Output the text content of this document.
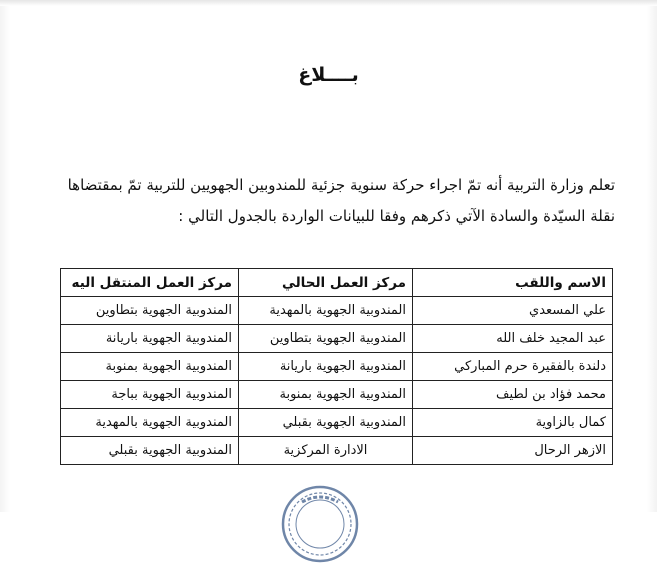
بــــلاغ
تعلم وزارة التربية أنه تمّ اجراء حركة سنوية جزئية للمندوبين الجهويين للتربية تمّ بمقتضاها
نقلة السيّدة والسادة الآتي ذكرهم وفقا للبيانات الواردة بالجدول التالي :
الاسم واللقب	مركز العمل الحالي	مركز العمل المنتقل اليه
علي المسعدي	المندوبية الجهوية بالمهدية	المندوبية الجهوية بتطاوين
عبد المجيد خلف الله	المندوبية الجهوية بتطاوين	المندوبية الجهوية باريانة
دلندة بالفقيرة حرم المباركي	المندوبية الجهوية باريانة	المندوبية الجهوية بمنوبة
محمد فؤاد بن لطيف	المندوبية الجهوية بمنوبة	المندوبية الجهوية بباجة
كمال بالزاوية	المندوبية الجهوية بقبلي	المندوبية الجهوية بالمهدية
الازهر الرحال	الادارة المركزية	المندوبية الجهوية بقبلي
